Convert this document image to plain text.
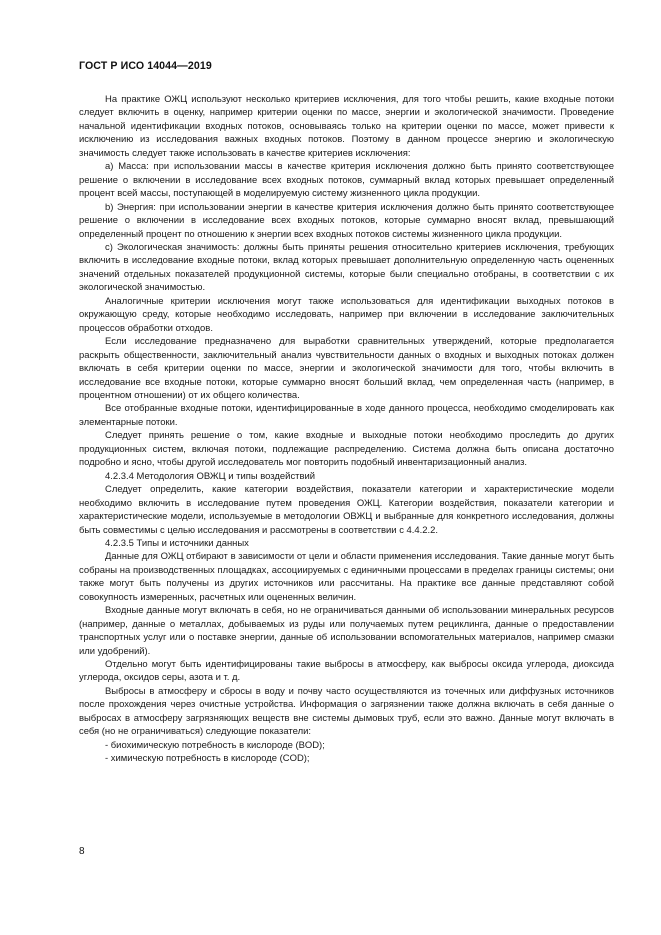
ГОСТ Р ИСО 14044—2019

На практике ОЖЦ используют несколько критериев исключения, для того чтобы решить, какие входные потоки следует включить в оценку, например критерии оценки по массе, энергии и экологической значимости. Проведение начальной идентификации входных потоков, основываясь только на критерии оценки по массе, может привести к исключению из исследования важных входных потоков. Поэтому в данном процессе энергию и экологическую значимость следует также использовать в качестве критериев исключения:

a) Масса: при использовании массы в качестве критерия исключения должно быть принято соответствующее решение о включении в исследование всех входных потоков, суммарный вклад которых превышает определенный процент всей массы, поступающей в моделируемую систему жизненного цикла продукции.

b) Энергия: при использовании энергии в качестве критерия исключения должно быть принято соответствующее решение о включении в исследование всех входных потоков, которые суммарно вносят вклад, превышающий определенный процент по отношению к энергии всех входных потоков системы жизненного цикла продукции.

c) Экологическая значимость: должны быть приняты решения относительно критериев исключения, требующих включить в исследование входные потоки, вклад которых превышает дополнительную определенную часть оцененных значений отдельных показателей продукционной системы, которые были специально отобраны, в соответствии с их экологической значимостью.

Аналогичные критерии исключения могут также использоваться для идентификации выходных потоков в окружающую среду, которые необходимо исследовать, например при включении в исследование заключительных процессов обработки отходов.

Если исследование предназначено для выработки сравнительных утверждений, которые предполагается раскрыть общественности, заключительный анализ чувствительности данных о входных и выходных потоках должен включать в себя критерии оценки по массе, энергии и экологической значимости для того, чтобы включить в исследование все входные потоки, которые суммарно вносят больший вклад, чем определенная часть (например, в процентном отношении) от их общего количества.

Все отобранные входные потоки, идентифицированные в ходе данного процесса, необходимо смоделировать как элементарные потоки.

Следует принять решение о том, какие входные и выходные потоки необходимо проследить до других продукционных систем, включая потоки, подлежащие распределению. Система должна быть описана достаточно подробно и ясно, чтобы другой исследователь мог повторить подобный инвентаризационный анализ.

4.2.3.4 Методология ОВЖЦ и типы воздействий

Следует определить, какие категории воздействия, показатели категории и характеристические модели необходимо включить в исследование путем проведения ОЖЦ. Категории воздействия, показатели категории и характеристические модели, используемые в методологии ОВЖЦ и выбранные для конкретного исследования, должны быть совместимы с целью исследования и рассмотрены в соответствии с 4.4.2.2.

4.2.3.5 Типы и источники данных

Данные для ОЖЦ отбирают в зависимости от цели и области применения исследования. Такие данные могут быть собраны на производственных площадках, ассоциируемых с единичными процессами в пределах границы системы; они также могут быть получены из других источников или рассчитаны. На практике все данные представляют собой совокупность измеренных, расчетных или оцененных величин.

Входные данные могут включать в себя, но не ограничиваться данными об использовании минеральных ресурсов (например, данные о металлах, добываемых из руды или получаемых путем рециклинга, данные о предоставлении транспортных услуг или о поставке энергии, данные об использовании вспомогательных материалов, например смазки или удобрений).

Отдельно могут быть идентифицированы такие выбросы в атмосферу, как выбросы оксида углерода, диоксида углерода, оксидов серы, азота и т. д.

Выбросы в атмосферу и сбросы в воду и почву часто осуществляются из точечных или диффузных источников после прохождения через очистные устройства. Информация о загрязнении также должна включать в себя данные о выбросах в атмосферу загрязняющих веществ вне системы дымовых труб, если это важно. Данные могут включать в себя (но не ограничиваться) следующие показатели:

- биохимическую потребность в кислороде (BOD);

- химическую потребность в кислороде (COD);

8
